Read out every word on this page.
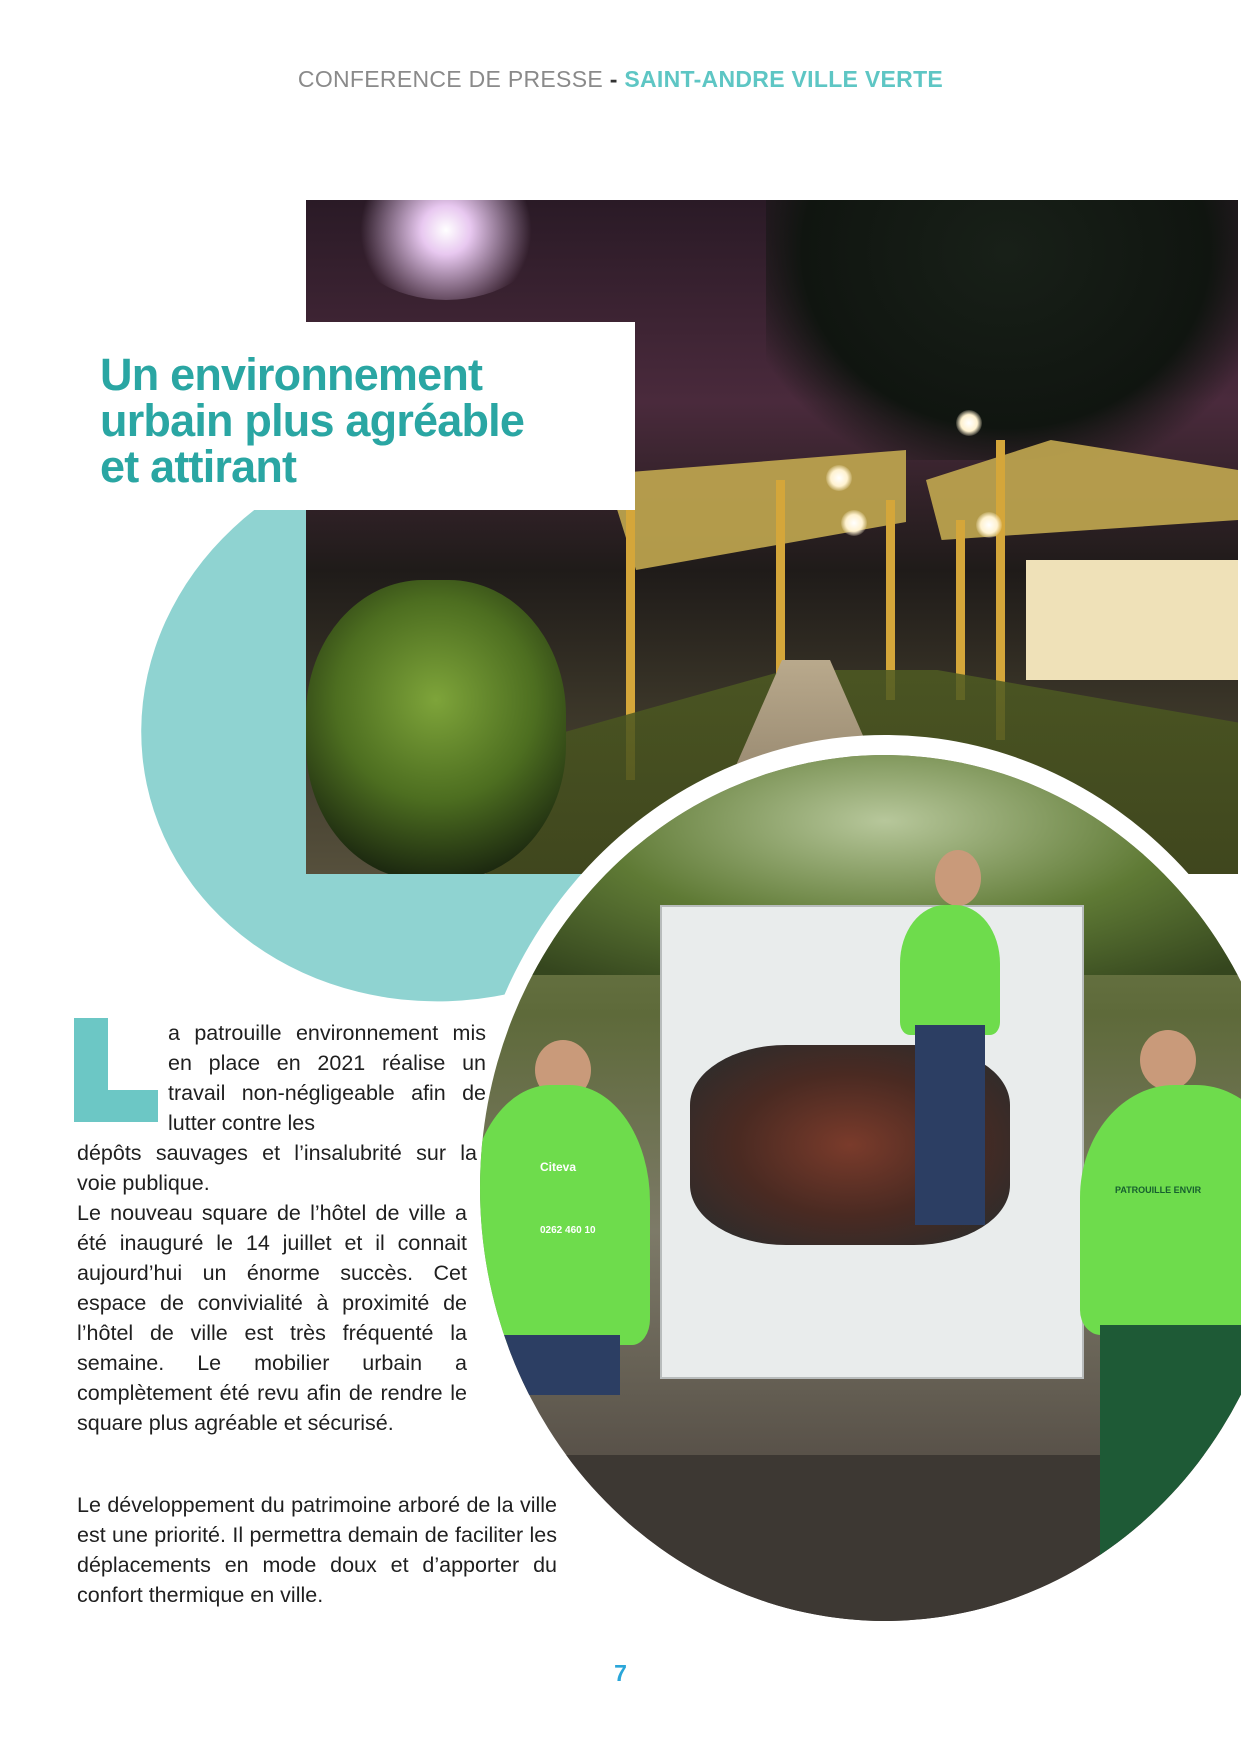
CONFERENCE DE PRESSE - SAINT-ANDRE VILLE VERTE
Un environnement
urbain plus agréable
et attirant
Citeva
0262 460 10
PATROUILLE ENVIR
a patrouille environnement mis en place en 2021 réalise un travail non-négligeable afin de lutter contre les
dépôts sauvages et l’insalubrité sur la voie publique.
Le nouveau square de l’hôtel de ville a été inauguré le 14 juillet et il connait aujourd’hui un énorme succès. Cet espace de convivialité à proximité de l’hôtel de ville est très fréquenté la semaine. Le mobilier urbain a complètement été revu afin de rendre le square plus agréable et sécurisé.
Le développement du patrimoine arboré de la ville est une priorité. Il permettra demain de faciliter les déplacements en mode doux et d’apporter du confort thermique en ville.
7
